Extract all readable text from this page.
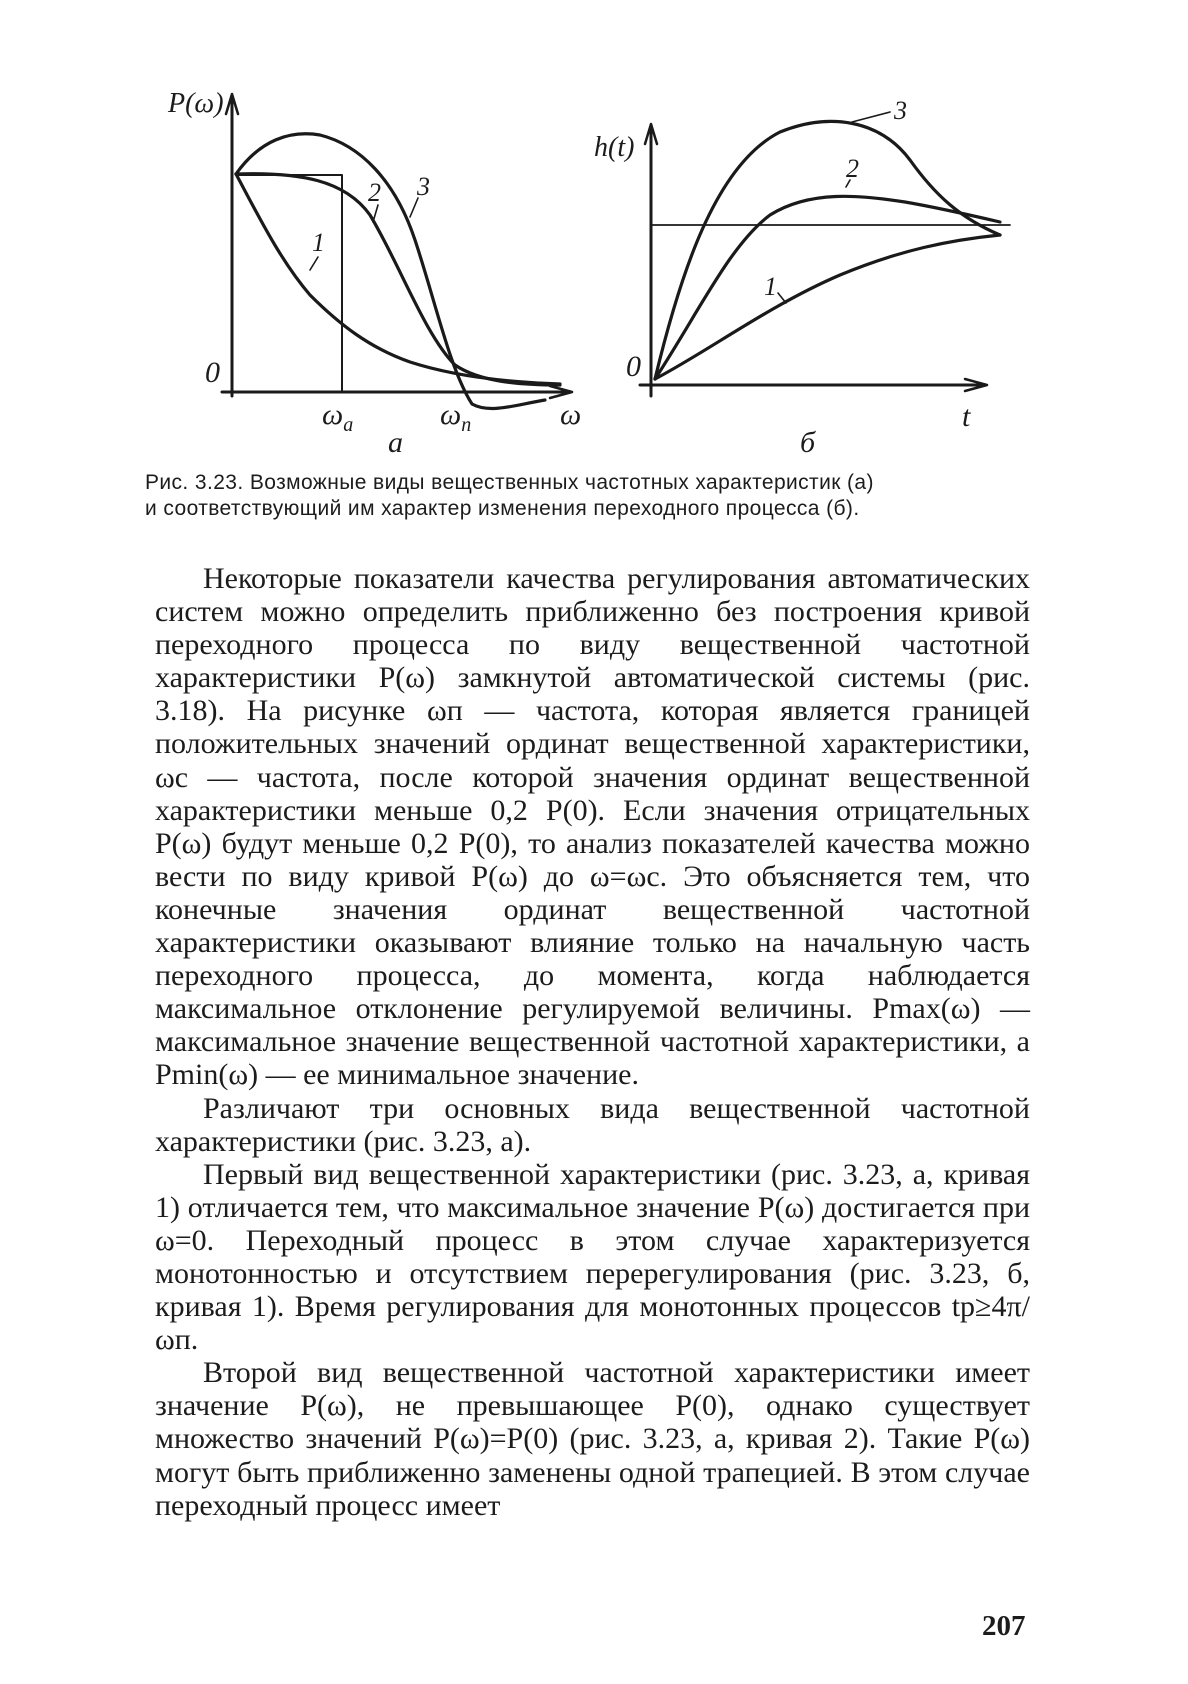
P(ω)
0
1
2 3
$\omega_a$	$\omega_п$	ω
а
h(t)
0
1
2
3
t
б
Рис. 3.23. Возможные виды вещественных частотных характеристик (а)
и соответствующий им характер изменения переходного процесса (б).

Некоторые показатели качества регулирования автоматических систем можно определить приближенно без построения кривой переходного процесса по виду вещественной частотной характеристики P(ω) замкнутой автоматической системы (рис. 3.18). На рисунке ωп — частота, которая является границей положительных значений ординат вещественной характеристики, ωс — частота, после которой значения ординат вещественной характеристики меньше 0,2 P(0). Если значения отрицательных P(ω) будут меньше 0,2 P(0), то анализ показателей качества можно вести по виду кривой P(ω) до ω=ωс. Это объясняется тем, что конечные значения ординат вещественной частотной характеристики оказывают влияние только на начальную часть переходного процесса, до момента, когда наблюдается максимальное отклонение регулируемой величины. Pmax(ω) — максимальное значение вещественной частотной характеристики, а Pmin(ω) — ее минимальное значение.

Различают три основных вида вещественной частотной характеристики (рис. 3.23, а).

Первый вид вещественной характеристики (рис. 3.23, а, кривая 1) отличается тем, что максимальное значение P(ω) достигается при ω=0. Переходный процесс в этом случае характеризуется монотонностью и отсутствием перерегулирования (рис. 3.23, б, кривая 1). Время регулирования для монотонных процессов tр≥4π/ωп.

Второй вид вещественной частотной характеристики имеет значение P(ω), не превышающее P(0), однако существует множество значений P(ω)=P(0) (рис. 3.23, а, кривая 2). Такие P(ω) могут быть приближенно заменены одной трапецией. В этом случае переходный процесс имеет

207
